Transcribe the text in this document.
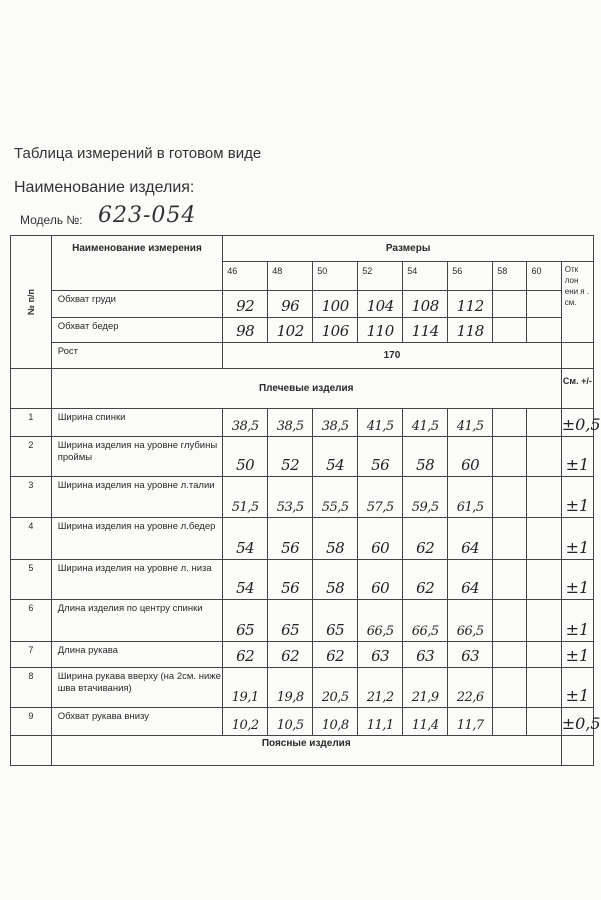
Таблица измерений в готовом виде
Наименование изделия:
Модель №: 623-054
№ п/п	Наименование измерения	Размеры								
		46	48	50	52	54	56	58	60	Отк лон ени я . см.
	Обхват груди	92	96	100	104	108	112			
	Обхват бедер	98	102	106	110	114	118			
	Рост	170								
	Плечевые изделия									См. +/-
1	Ширина спинки	38,5	38,5	38,5	41,5	41,5	41,5			±0,5
2	Ширина изделия на уровне глубины проймы	50	52	54	56	58	60			±1
3	Ширина изделия на уровне л.талии	51,5	53,5	55,5	57,5	59,5	61,5			±1
4	Ширина изделия на уровне л.бедер	54	56	58	60	62	64			±1
5	Ширина изделия на уровне л. низа	54	56	58	60	62	64			±1
6	Длина изделия по центру спинки	65	65	65	66,5	66,5	66,5			±1
7	Длина рукава	62	62	62	63	63	63			±1
8	Ширина рукава вверху (на 2см. ниже шва втачивания)	19,1	19,8	20,5	21,2	21,9	22,6			±1
9	Обхват рукава внизу	10,2	10,5	10,8	11,1	11,4	11,7			±0,5
	Поясные изделия									
